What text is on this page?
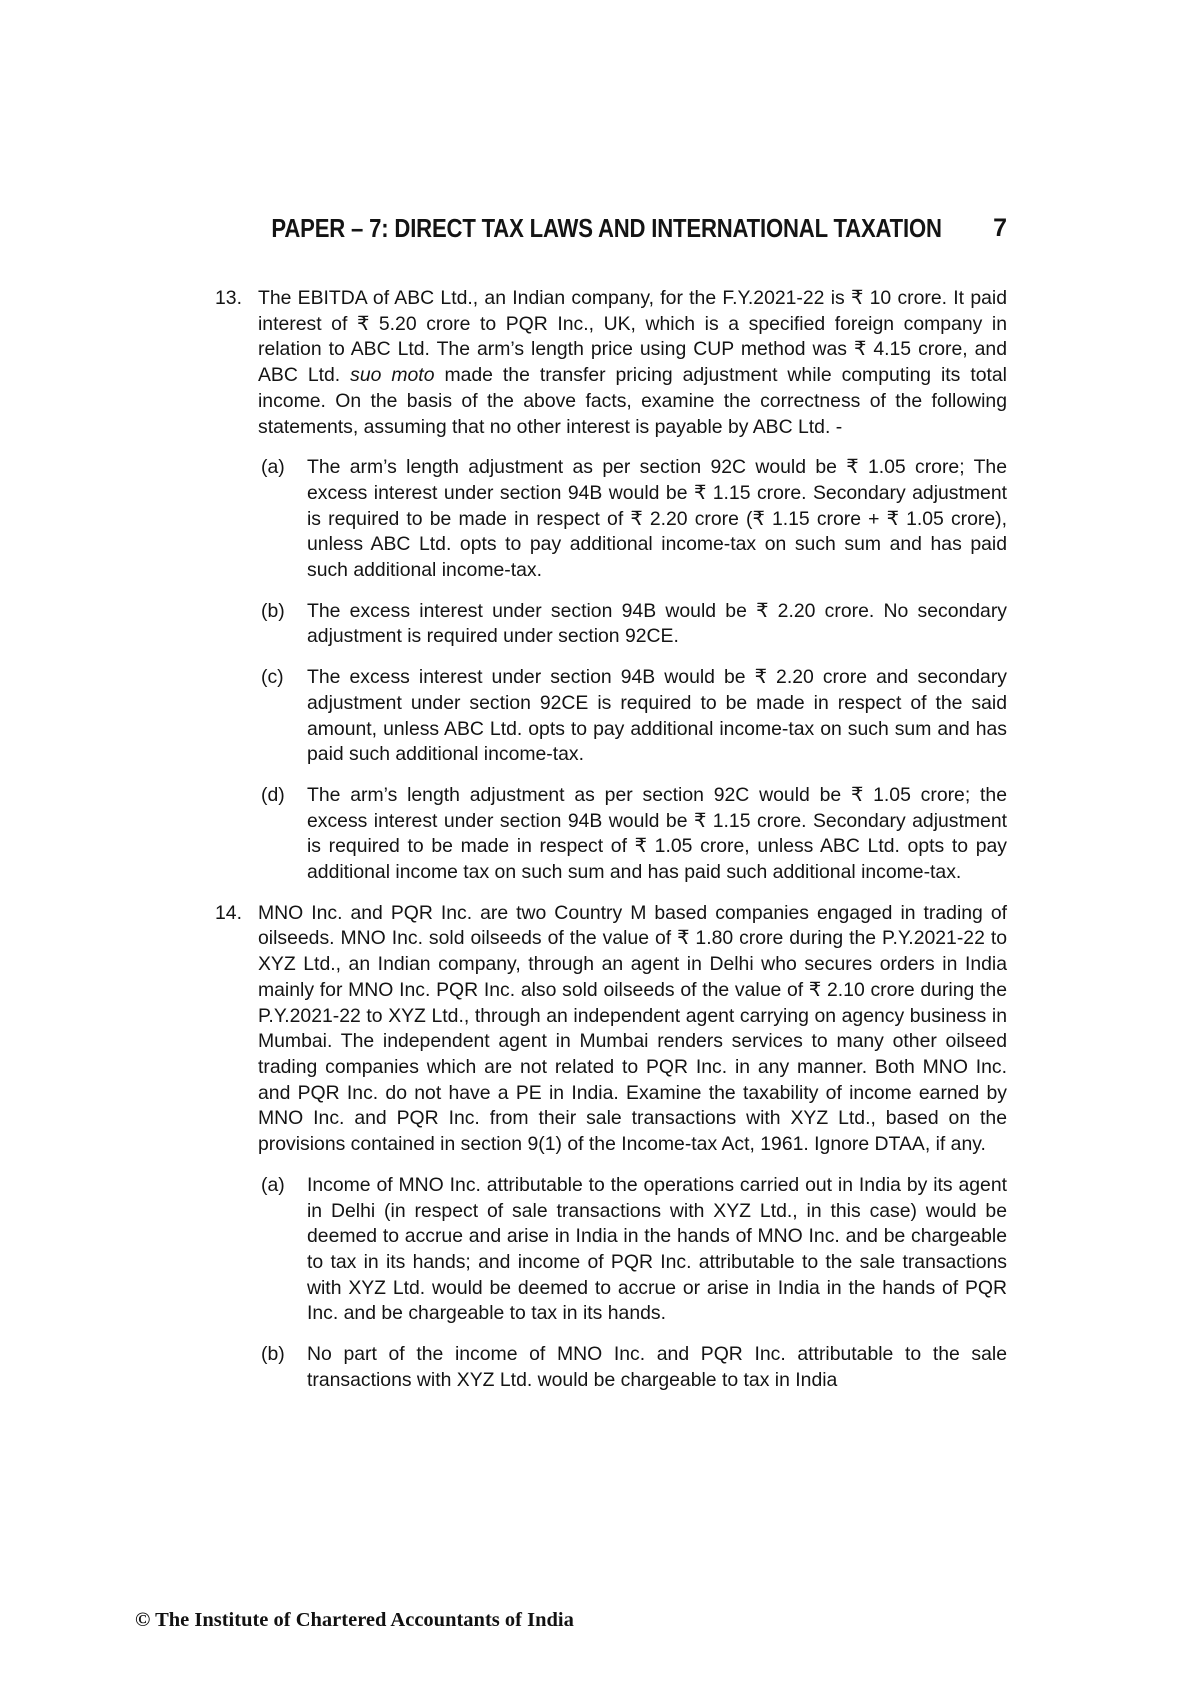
PAPER – 7: DIRECT TAX LAWS AND INTERNATIONAL TAXATION 7
13. The EBITDA of ABC Ltd., an Indian company, for the F.Y.2021-22 is ₹ 10 crore. It paid interest of ₹ 5.20 crore to PQR Inc., UK, which is a specified foreign company in relation to ABC Ltd. The arm’s length price using CUP method was ₹ 4.15 crore, and ABC Ltd. suo moto made the transfer pricing adjustment while computing its total income. On the basis of the above facts, examine the correctness of the following statements, assuming that no other interest is payable by ABC Ltd. -

(a)	The arm’s length adjustment as per section 92C would be ₹ 1.05 crore; The excess interest under section 94B would be ₹ 1.15 crore. Secondary adjustment is required to be made in respect of ₹ 2.20 crore (₹ 1.15 crore + ₹ 1.05 crore), unless ABC Ltd. opts to pay additional income-tax on such sum and has paid such additional income-tax.

(b)	The excess interest under section 94B would be ₹ 2.20 crore. No secondary adjustment is required under section 92CE.

(c)	The excess interest under section 94B would be ₹ 2.20 crore and secondary adjustment under section 92CE is required to be made in respect of the said amount, unless ABC Ltd. opts to pay additional income-tax on such sum and has paid such additional income-tax.

(d)	The arm’s length adjustment as per section 92C would be ₹ 1.05 crore; the excess interest under section 94B would be ₹ 1.15 crore. Secondary adjustment is required to be made in respect of ₹ 1.05 crore, unless ABC Ltd. opts to pay additional income tax on such sum and has paid such additional income-tax.

14. MNO Inc. and PQR Inc. are two Country M based companies engaged in trading of oilseeds. MNO Inc. sold oilseeds of the value of ₹ 1.80 crore during the P.Y.2021-22 to XYZ Ltd., an Indian company, through an agent in Delhi who secures orders in India mainly for MNO Inc. PQR Inc. also sold oilseeds of the value of ₹ 2.10 crore during the P.Y.2021-22 to XYZ Ltd., through an independent agent carrying on agency business in Mumbai. The independent agent in Mumbai renders services to many other oilseed trading companies which are not related to PQR Inc. in any manner. Both MNO Inc. and PQR Inc. do not have a PE in India. Examine the taxability of income earned by MNO Inc. and PQR Inc. from their sale transactions with XYZ Ltd., based on the provisions contained in section 9(1) of the Income-tax Act, 1961. Ignore DTAA, if any.

(a)	Income of MNO Inc. attributable to the operations carried out in India by its agent in Delhi (in respect of sale transactions with XYZ Ltd., in this case) would be deemed to accrue and arise in India in the hands of MNO Inc. and be chargeable to tax in its hands; and income of PQR Inc. attributable to the sale transactions with XYZ Ltd. would be deemed to accrue or arise in India in the hands of PQR Inc. and be chargeable to tax in its hands.

(b)	No part of the income of MNO Inc. and PQR Inc. attributable to the sale transactions with XYZ Ltd. would be chargeable to tax in India

© The Institute of Chartered Accountants of India
